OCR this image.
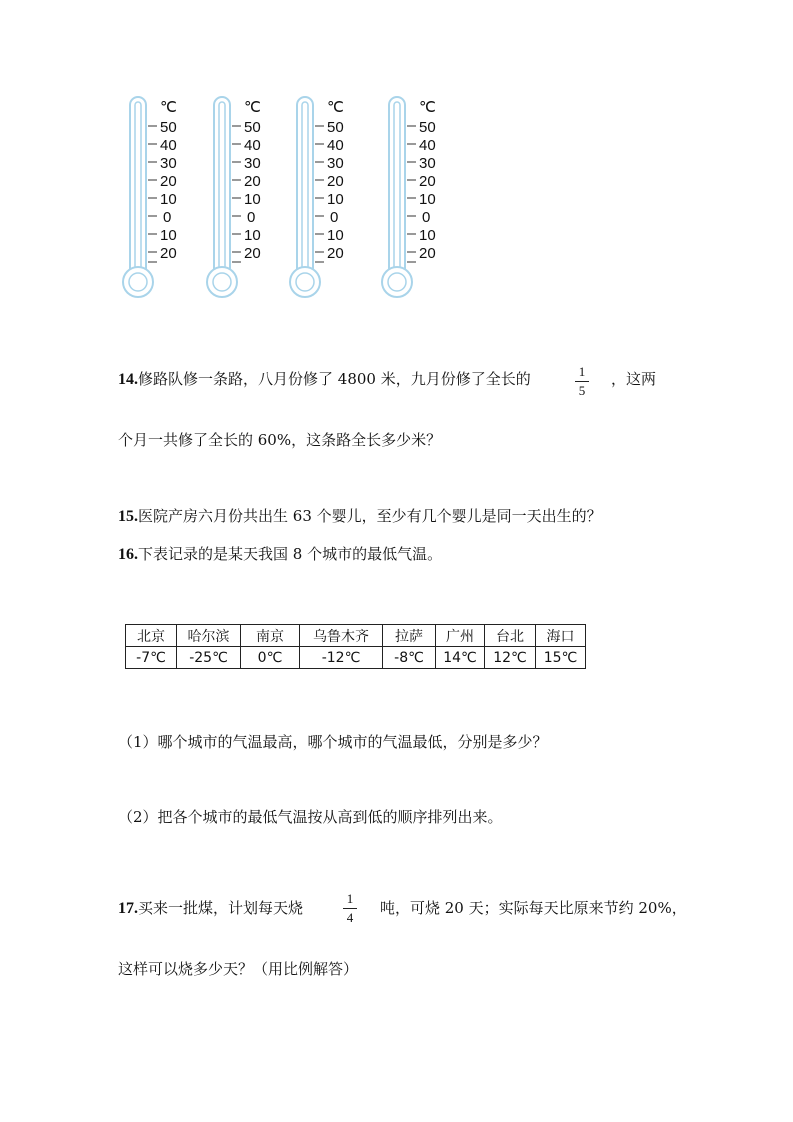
℃
50
40
30
20
10
0
10
20
℃
50
40
30
20
10
0
10
20
℃
50
40
30
20
10
0
10
20
℃
50
40
30
20
10
0
10
20
14.修路队修一条路，八月份修了 4800 米，九月份修了全长的	1
5
，这两
个月一共修了全长的 60%，这条路全长多少米？
15.医院产房六月份共出生 63 个婴儿，至少有几个婴儿是同一天出生的？
16.下表记录的是某天我国 8 个城市的最低气温。
北京	哈尔滨	南京	乌鲁木齐	拉萨	广州	台北	海口
-7℃	-25℃	0℃	-12℃	-8℃	14℃	12℃	15℃
（1）哪个城市的气温最高，哪个城市的气温最低，分别是多少？
（2）把各个城市的最低气温按从高到低的顺序排列出来。
17.买来一批煤，计划每天烧
1
4
吨，可烧 20 天；实际每天比原来节约 20%，
这样可以烧多少天？（用比例解答）
